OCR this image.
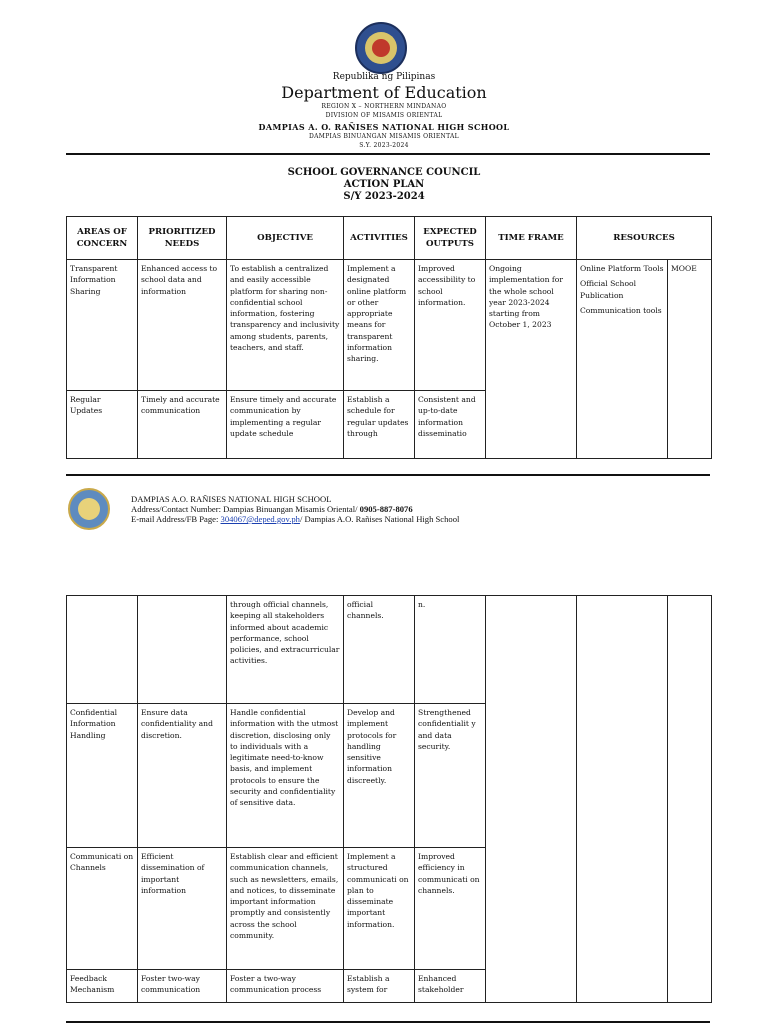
Republika ng Pilipinas
Department of Education
REGION X – NORTHERN MINDANAO
DIVISION OF MISAMIS ORIENTAL
DAMPIAS A. O. RAÑISES NATIONAL HIGH SCHOOL
DAMPIAS BINUANGAN MISAMIS ORIENTAL
S.Y. 2023-2024
SCHOOL GOVERNANCE COUNCIL
ACTION PLAN
S/Y 2023-2024
AREAS OF CONCERN	PRIORITIZED NEEDS	OBJECTIVE	ACTIVITIES	EXPECTED OUTPUTS	TIME FRAME	RESOURCES	
Transparent Information Sharing	Enhanced access to school data and information	To establish a centralized and easily accessible platform for sharing non-confidential school information, fostering transparency and inclusivity among students, parents, teachers, and staff.	Implement a designated online platform or other appropriate means for transparent information sharing.	Improved accessibility to school information.	Ongoing implementation for the whole school year 2023-2024 starting from October 1, 2023	Online Platform Tools
Official School Publication
Communication tools	MOOE
Regular Updates	Timely and accurate communication	Ensure timely and accurate communication by implementing a regular update schedule	Establish a schedule for regular updates through	Consistent and up-to-date information disseminatio			
DAMPIAS A.O. RAÑISES NATIONAL HIGH SCHOOL
Address/Contact Number: Dampias Binuangan Misamis Oriental/ 0905-887-8076
E-mail Address/FB Page: 304067@deped.gov.ph/ Dampias A.O. Rañises National High School
		through official channels, keeping all stakeholders informed about academic performance, school policies, and extracurricular activities.	official channels.	n.			
Confidential Information Handling	Ensure data confidentiality and discretion.	Handle confidential information with the utmost discretion, disclosing only to individuals with a legitimate need-to-know basis, and implement protocols to ensure the security and confidentiality of sensitive data.	Develop and implement protocols for handling sensitive information discreetly.	Strengthened confidentialit y and data security.			
Communicati on Channels	Efficient dissemination of important information	Establish clear and efficient communication channels, such as newsletters, emails, and notices, to disseminate important information promptly and consistently across the school community.	Implement a structured communicati on plan to disseminate important information.	Improved efficiency in communicati on channels.			
Feedback Mechanism	Foster two-way communication	Foster a two-way communication process	Establish a system for	Enhanced stakeholder			
